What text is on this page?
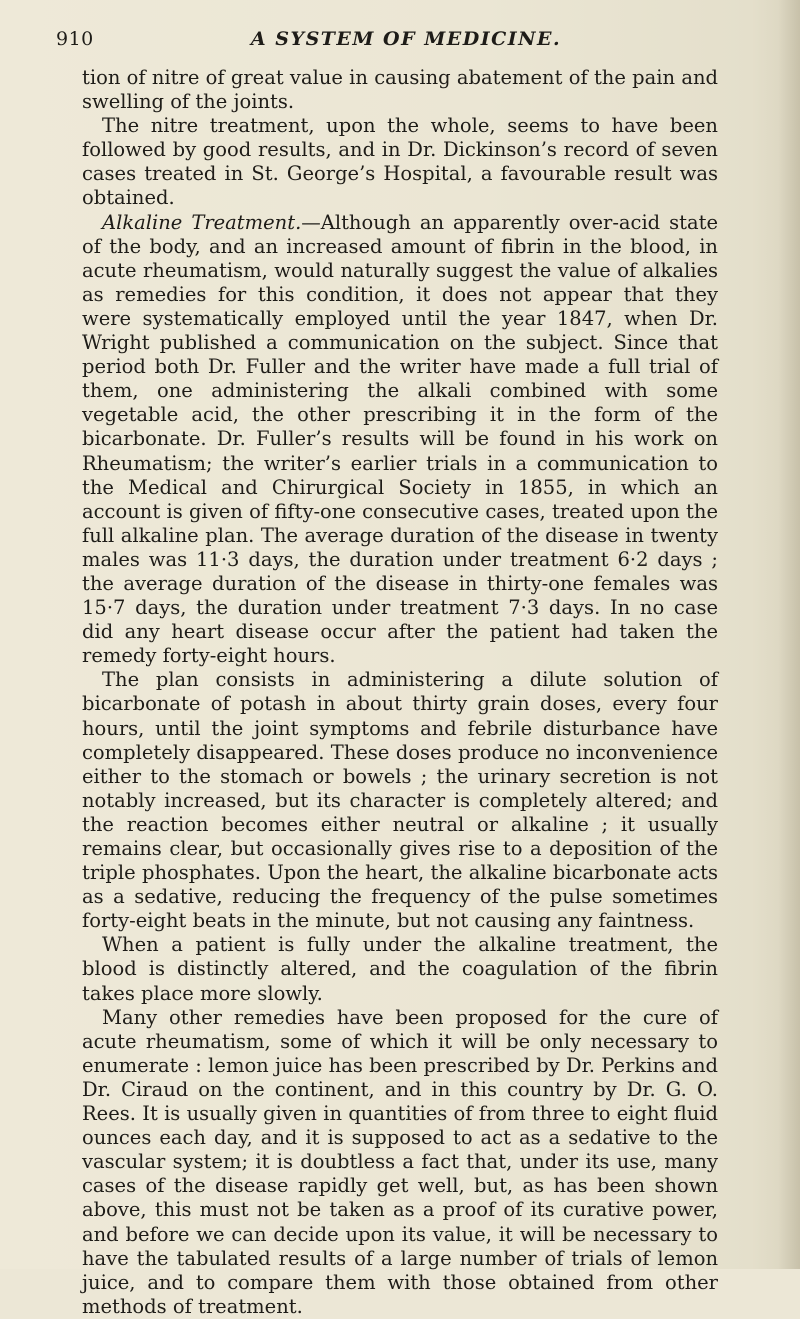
910	A SYSTEM OF MEDICINE.

tion of nitre of great value in causing abatement of the pain and swelling of the joints.

The nitre treatment, upon the whole, seems to have been followed by good results, and in Dr. Dickinson’s record of seven cases treated in St. George’s Hospital, a favourable result was obtained.

Alkaline Treatment.—Although an apparently over-acid state of the body, and an increased amount of fibrin in the blood, in acute rheumatism, would naturally suggest the value of alkalies as remedies for this condition, it does not appear that they were systematically employed until the year 1847, when Dr. Wright published a communication on the subject. Since that period both Dr. Fuller and the writer have made a full trial of them, one administering the alkali combined with some vegetable acid, the other prescribing it in the form of the bicarbonate. Dr. Fuller’s results will be found in his work on Rheumatism; the writer’s earlier trials in a communication to the Medical and Chirurgical Society in 1855, in which an account is given of fifty-one consecutive cases, treated upon the full alkaline plan. The average duration of the disease in twenty males was 11·3 days, the duration under treatment 6·2 days ; the average duration of the disease in thirty-one females was 15·7 days, the duration under treatment 7·3 days. In no case did any heart disease occur after the patient had taken the remedy forty-eight hours.

The plan consists in administering a dilute solution of bicarbonate of potash in about thirty grain doses, every four hours, until the joint symptoms and febrile disturbance have completely disappeared. These doses produce no inconvenience either to the stomach or bowels ; the urinary secretion is not notably increased, but its character is completely altered; and the reaction becomes either neutral or alkaline ; it usually remains clear, but occasionally gives rise to a deposition of the triple phosphates. Upon the heart, the alkaline bicarbonate acts as a sedative, reducing the frequency of the pulse sometimes forty-eight beats in the minute, but not causing any faintness.

When a patient is fully under the alkaline treatment, the blood is distinctly altered, and the coagulation of the fibrin takes place more slowly.

Many other remedies have been proposed for the cure of acute rheumatism, some of which it will be only necessary to enumerate : lemon juice has been prescribed by Dr. Perkins and Dr. Ciraud on the continent, and in this country by Dr. G. O. Rees. It is usually given in quantities of from three to eight fluid ounces each day, and it is supposed to act as a sedative to the vascular system; it is doubtless a fact that, under its use, many cases of the disease rapidly get well, but, as has been shown above, this must not be taken as a proof of its curative power, and before we can decide upon its value, it will be necessary to have the tabulated results of a large number of trials of lemon juice, and to compare them with those obtained from other methods of treatment.
